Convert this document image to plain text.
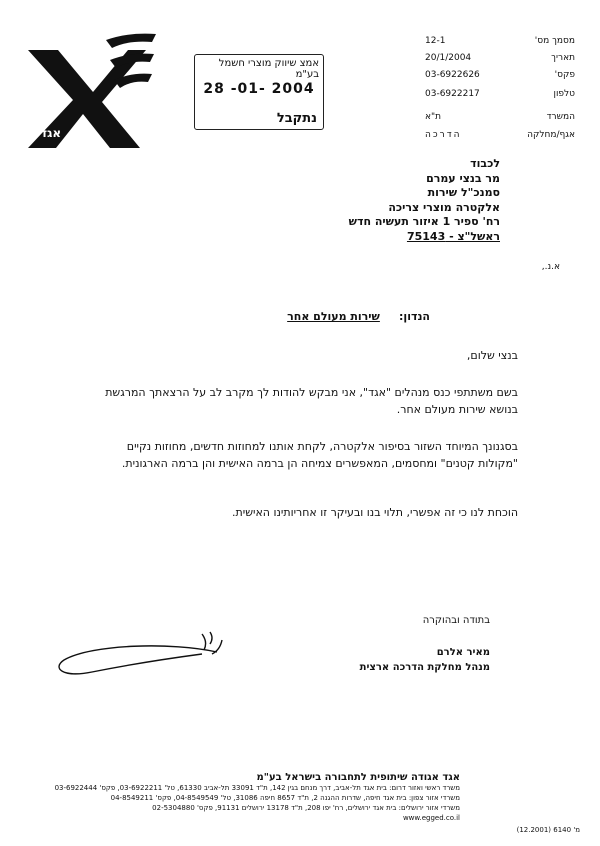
אגד
אמצ שיווק מוצרי חשמל בע"מ
28 -01- 2004
נתקבל
מסמך מס'
12-1
תאריך
20/1/2004
פקס'
03-6922626
טלפון
03-6922217
המשרד
ת"א
אגף/מחלקה
הדרכה
לכבוד
מר בנצי עמרם
סמנכ"ל שירות
אלקטרה מוצרי צריכה
רח' ספיר 1 איזור תעשיה חדש
ראשל"צ - 75143
א.נ.,
הנדון:     שירות מעולם אחר
בנצי שלום,
בשם משתתפי כנס מנהלים "אגד", אני מבקש להודות לך מקרב לב על הרצאתך המרגשת בנושא שירות מעולם אחר.
בסגנונך המיוחד השזור בסיפור אלקטרה, לקחת אותנו למחוזות חדשים, מחוזות נקיים "מקולות קטנים" ומחסמים, המאפשרים צמיחה הן ברמה האישית והן ברמה הארגונית.
הוכחת לנו כי זה אפשרי, תלוי בנו ובעיקר זו אחריותינו האישית.
בתודה ובהוקרה
מאיר אלרם
מנהל מחלקת הדרכה ארצית
אגד אגודה שיתופית לתחבורה בישראל בע"מ
משרד ראשי ואזור דרום: בית אגד תל-אביב, דרך מנחם בגין 142, ת"ד 33091 תל-אביב 61330, טל' 03-6922211, פקס' 03-6922444
משרדי אזור צפון: בית אגד חיפה, שדרות ההגנה 2, ת"ד 8657 חיפה 31086, טל' 04-8549549, פקס' 04-8549211
משרדי אזור ירושלים: בית אגד ירושלים, רח' יפו 208, ת"ד 13178 ירושלים 91131, פקס' 02-5304880
www.egged.co.il
מ' 6140 (12.2001)
